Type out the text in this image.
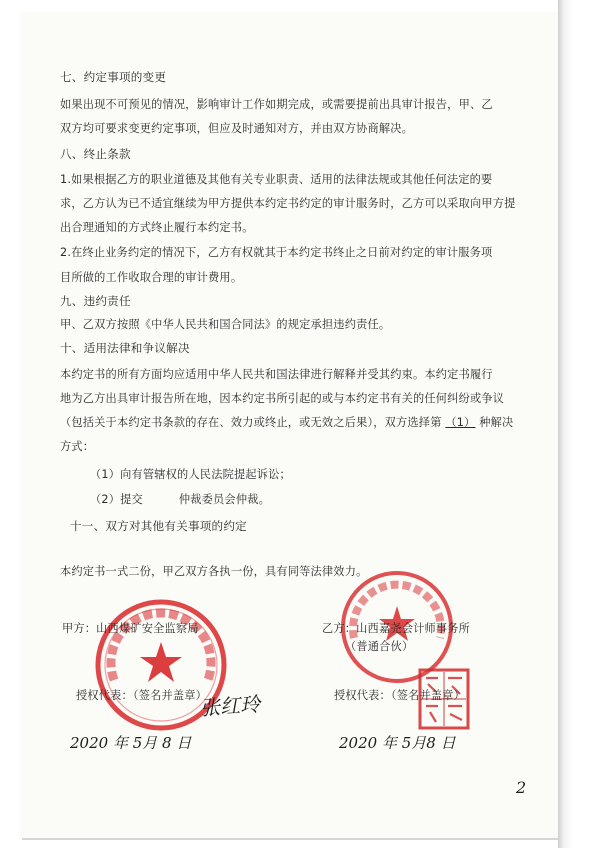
七、约定事项的变更
如果出现不可预见的情况，影响审计工作如期完成，或需要提前出具审计报告，甲、乙
双方均可要求变更约定事项，但应及时通知对方，并由双方协商解决。
八、终止条款
1.如果根据乙方的职业道德及其他有关专业职责、适用的法律法规或其他任何法定的要
求，乙方认为已不适宜继续为甲方提供本约定书约定的审计服务时，乙方可以采取向甲方提
出合理通知的方式终止履行本约定书。
2.在终止业务约定的情况下，乙方有权就其于本约定书终止之日前对约定的审计服务项
目所做的工作收取合理的审计费用。
九、违约责任
甲、乙双方按照《中华人民共和国合同法》的规定承担违约责任。
十、适用法律和争议解决
本约定书的所有方面均应适用中华人民共和国法律进行解释并受其约束。本约定书履行
地为乙方出具审计报告所在地，因本约定书所引起的或与本约定书有关的任何纠纷或争议
（包括关于本约定书条款的存在、效力或终止，或无效之后果），双方选择第 （1） 种解决
方式：
（1）向有管辖权的人民法院提起诉讼；
（2）提交	仲裁委员会仲裁。
十一、双方对其他有关事项的约定
本约定书一式二份，甲乙双方各执一份，具有同等法律效力。
甲方：山西煤矿安全监察局	乙方：山西嘉尧会计师事务所
（普通合伙）
授权代表：（签名并盖章）	授权代表：（签名并盖章）
张红玲
2020 年 5月 8 日	2020 年 5月8 日
2
